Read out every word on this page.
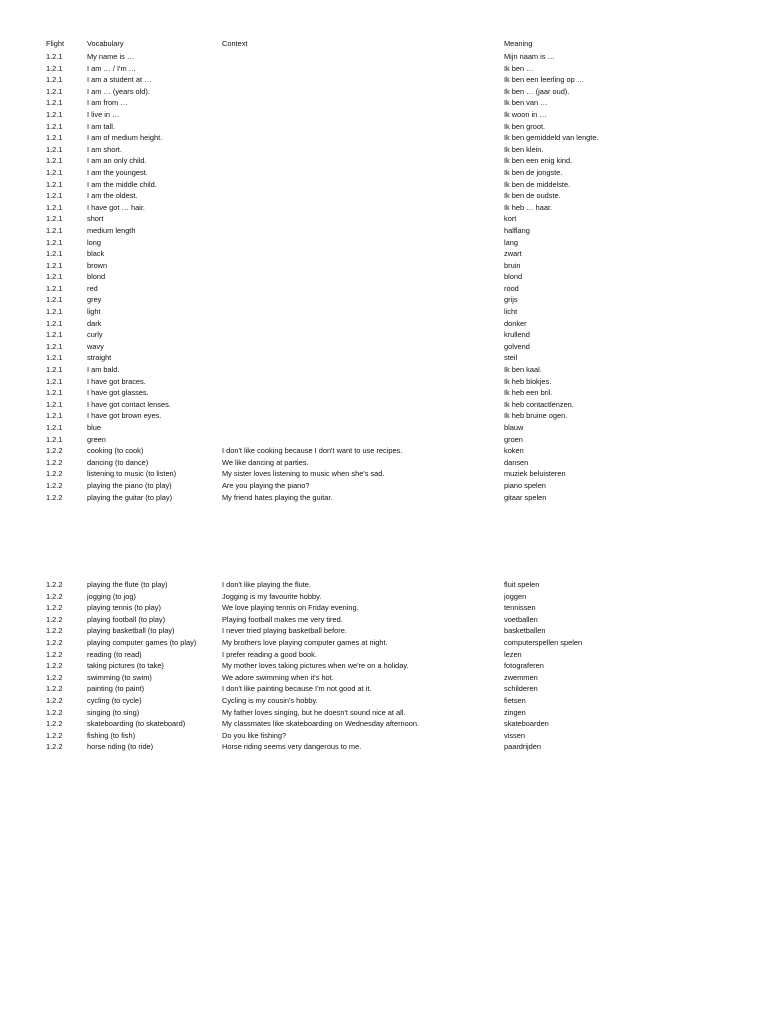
Flight	Vocabulary	Context	Meaning
1.2.1	My name is …		Mijn naam is …
1.2.1	I am … / I'm …		Ik ben …
1.2.1	I am a student at …		Ik ben een leerling op …
1.2.1	I am … (years old).		Ik ben … (jaar oud).
1.2.1	I am from …		Ik ben van …
1.2.1	I live in …		Ik woon in …
1.2.1	I am tall.		Ik ben groot.
1.2.1	I am of medium height.		Ik ben gemiddeld van lengte.
1.2.1	I am short.		Ik ben klein.
1.2.1	I am an only child.		Ik ben een enig kind.
1.2.1	I am the youngest.		Ik ben de jongste.
1.2.1	I am the middle child.		Ik ben de middelste.
1.2.1	I am the oldest.		Ik ben de oudste.
1.2.1	I have got … hair.		Ik heb … haar.
1.2.1	short		kort
1.2.1	medium length		halflang
1.2.1	long		lang
1.2.1	black		zwart
1.2.1	brown		bruin
1.2.1	blond		blond
1.2.1	red		rood
1.2.1	grey		grijs
1.2.1	light		licht
1.2.1	dark		donker
1.2.1	curly		krullend
1.2.1	wavy		golvend
1.2.1	straight		steil
1.2.1	I am bald.		Ik ben kaal.
1.2.1	I have got braces.		Ik heb blokjes.
1.2.1	I have got glasses.		Ik heb een bril.
1.2.1	I have got contact lenses.		Ik heb contactlenzen.
1.2.1	I have got brown eyes.		Ik heb bruine ogen.
1.2.1	blue		blauw
1.2.1	green		groen
1.2.2	cooking (to cook)	I don't like cooking because I don't want to use recipes.	koken
1.2.2	dancing (to dance)	We like dancing at parties.	dansen
1.2.2	listening to music (to listen)	My sister loves listening to music when she's sad.	muziek beluisteren
1.2.2	playing the piano (to play)	Are you playing the piano?	piano spelen
1.2.2	playing the guitar (to play)	My friend hates playing the guitar.	gitaar spelen
1.2.2	playing the flute (to play)	I don't like playing the flute.	fluit spelen
1.2.2	jogging (to jog)	Jogging is my favourite hobby.	joggen
1.2.2	playing tennis (to play)	We love playing tennis on Friday evening.	tennissen
1.2.2	playing football (to play)	Playing football makes me very tired.	voetballen
1.2.2	playing basketball (to play)	I never tried playing basketball before.	basketballen
1.2.2	playing computer games (to play)	My brothers love playing computer games at night.	computerspellen spelen
1.2.2	reading (to read)	I prefer reading a good book.	lezen
1.2.2	taking pictures (to take)	My mother loves taking pictures when we're on a holiday.	fotograferen
1.2.2	swimming (to swim)	We adore swimming when it's hot.	zwemmen
1.2.2	painting (to paint)	I don't like painting because I'm not good at it.	schilderen
1.2.2	cycling (to cycle)	Cycling is my cousin's hobby.	fietsen
1.2.2	singing (to sing)	My father loves singing, but he doesn't sound nice at all.	zingen
1.2.2	skateboarding (to skateboard)	My classmates like skateboarding on Wednesday afternoon.	skateboarden
1.2.2	fishing (to fish)	Do you like fishing?	vissen
1.2.2	horse riding (to ride)	Horse riding seems very dangerous to me.	paardrijden
